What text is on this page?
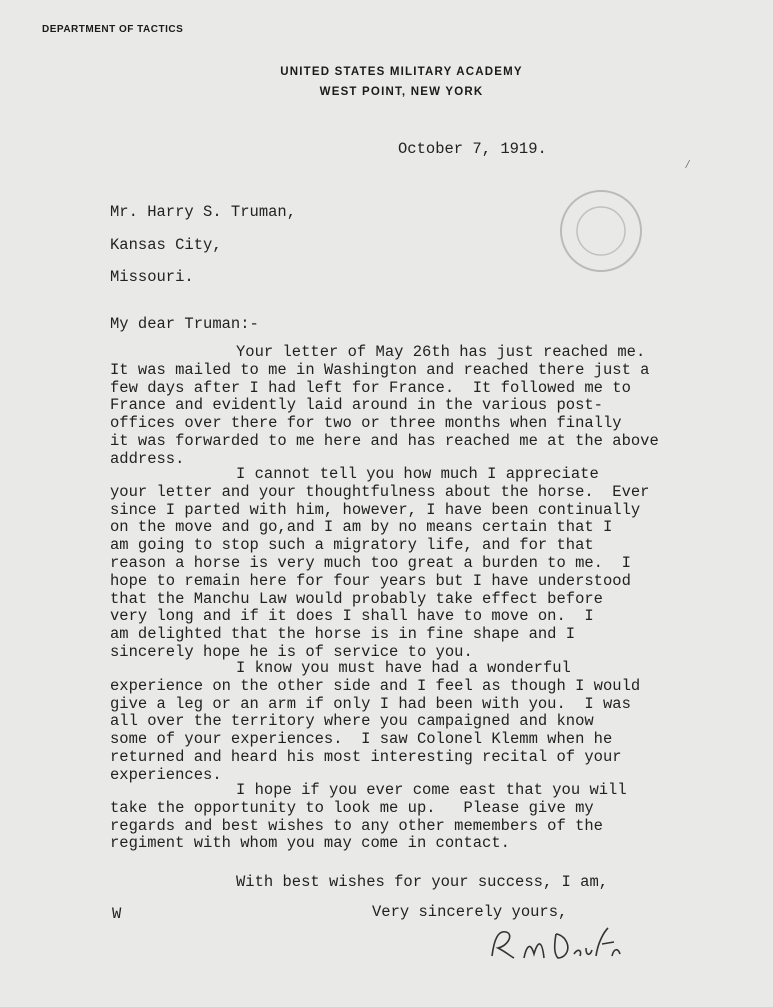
DEPARTMENT OF TACTICS
UNITED STATES MILITARY ACADEMY
WEST POINT, NEW YORK
⁄
October 7, 1919.
Mr. Harry S. Truman,
Kansas City,
Missouri.
My dear Truman:-
Your letter of May 26th has just reached me.
It was mailed to me in Washington and reached there just a
few days after I had left for France.  It followed me to
France and evidently laid around in the various post-
offices over there for two or three months when finally
it was forwarded to me here and has reached me at the above
address.
I cannot tell you how much I appreciate
your letter and your thoughtfulness about the horse.  Ever
since I parted with him, however, I have been continually
on the move and go,and I am by no means certain that I
am going to stop such a migratory life, and for that
reason a horse is very much too great a burden to me.  I
hope to remain here for four years but I have understood
that the Manchu Law would probably take effect before
very long and if it does I shall have to move on.  I
am delighted that the horse is in fine shape and I
sincerely hope he is of service to you.
I know you must have had a wonderful
experience on the other side and I feel as though I would
give a leg or an arm if only I had been with you.  I was
all over the territory where you campaigned and know
some of your experiences.  I saw Colonel Klemm when he
returned and heard his most interesting recital of your
experiences.
I hope if you ever come east that you will
take the opportunity to look me up.   Please give my
regards and best wishes to any other memembers of the
regiment with whom you may come in contact.
With best wishes for your success, I am,
W	Very sincerely yours,
